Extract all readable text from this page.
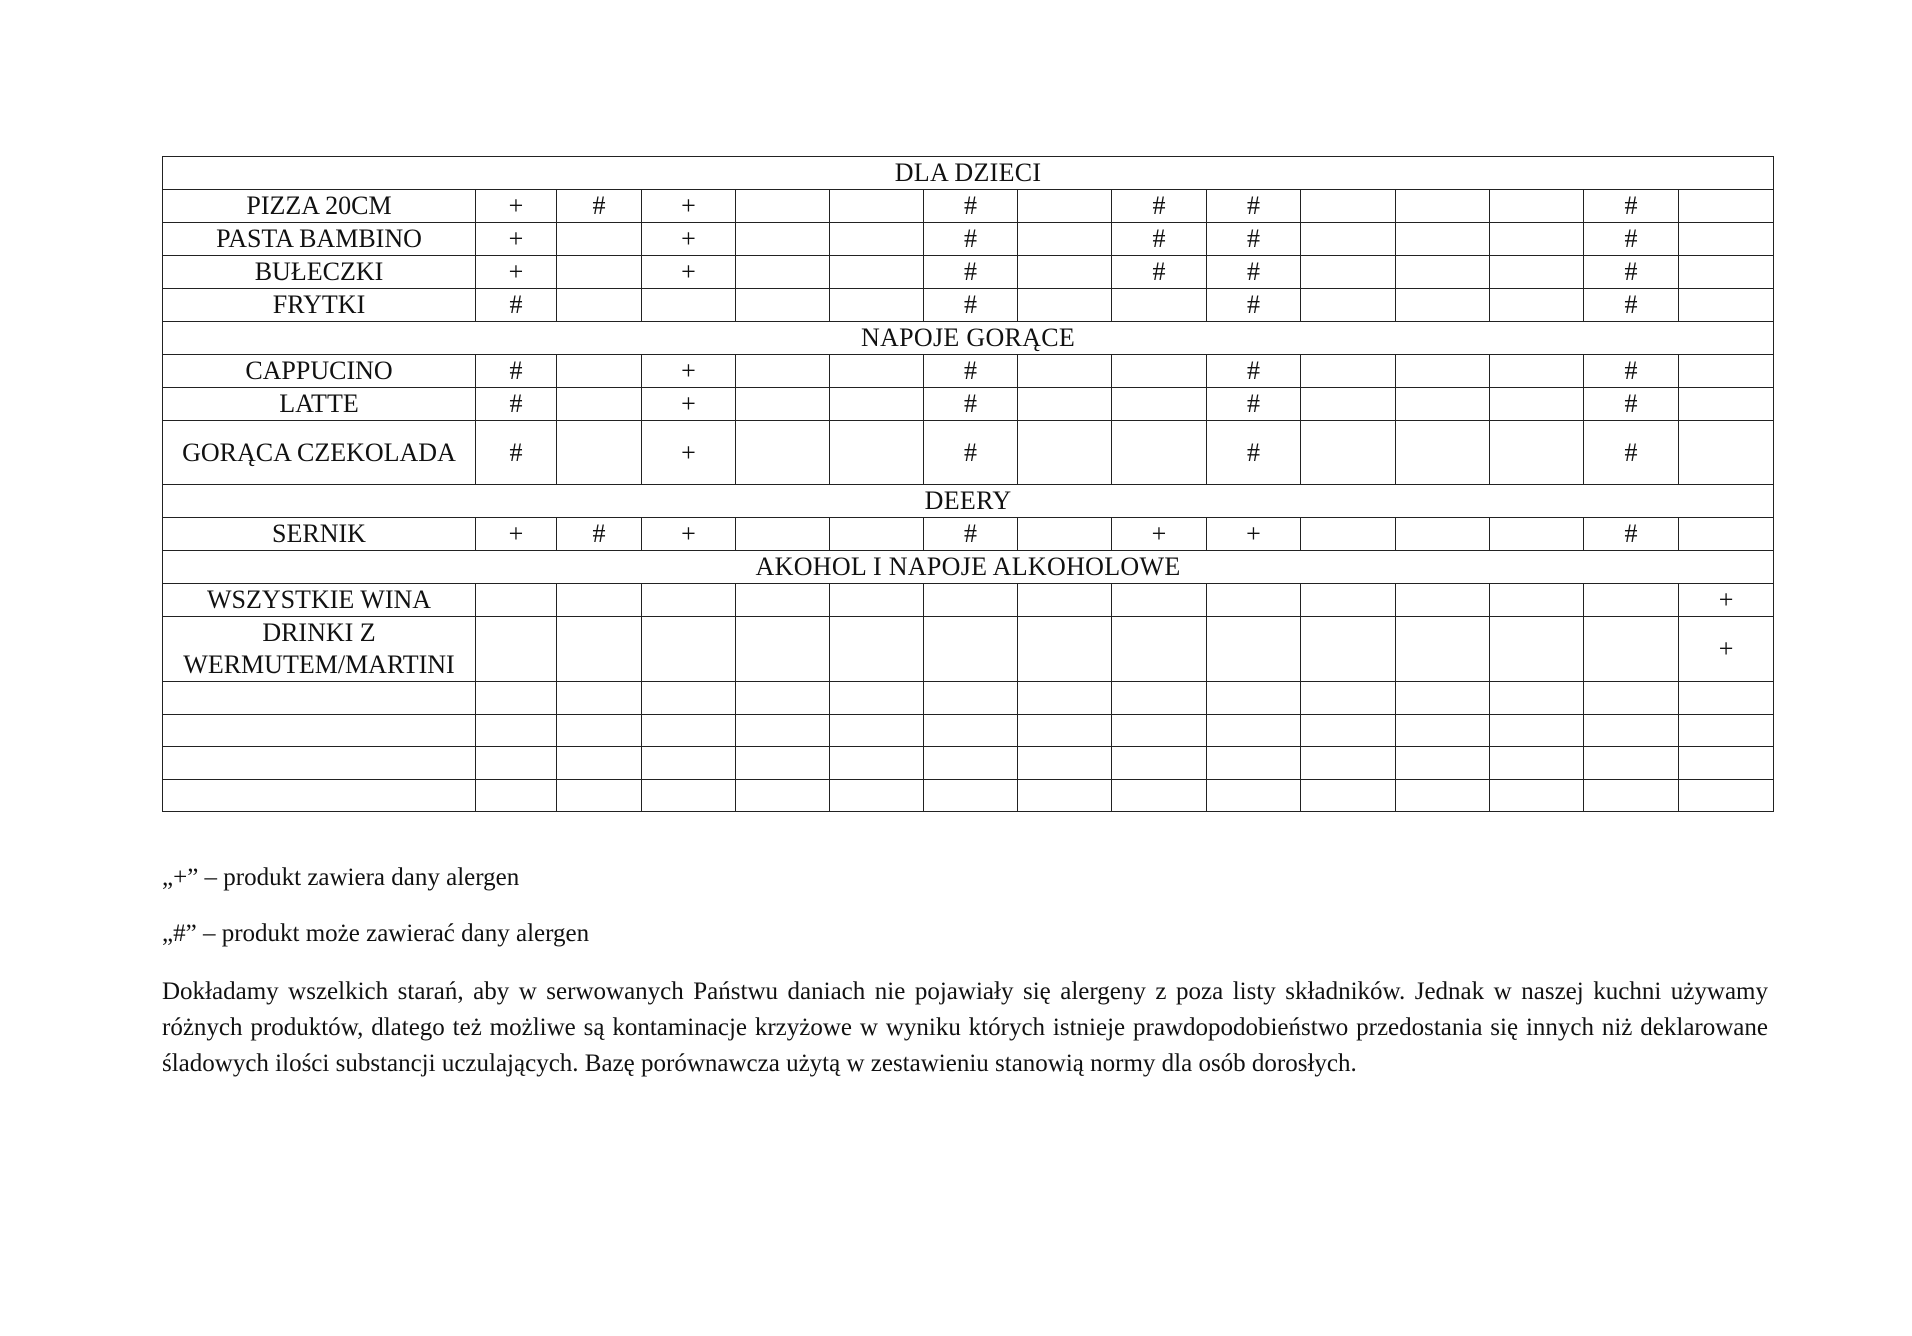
DLA DZIECI														
PIZZA 20CM	+	#	+			#		#	#				#	
PASTA BAMBINO	+		+			#		#	#				#	
BUŁECZKI	+		+			#		#	#				#	
FRYTKI	#					#			#				#	
NAPOJE GORĄCE														
CAPPUCINO	#		+			#			#				#	
LATTE	#		+			#			#				#	
GORĄCA CZEKOLADA	#		+			#			#				#	
DEERY														
SERNIK	+	#	+			#		+	+				#	
AKOHOL I NAPOJE ALKOHOLOWE														
WSZYSTKIE WINA														+
DRINKI Z WERMUTEM/MARTINI														+

„+” – produkt zawiera dany alergen

„#” – produkt może zawierać dany alergen

Dokładamy wszelkich starań, aby w serwowanych Państwu daniach nie pojawiały się alergeny z poza listy składników. Jednak w naszej kuchni używamy różnych produktów, dlatego też możliwe są kontaminacje krzyżowe w wyniku których istnieje prawdopodobieństwo przedostania się innych niż deklarowane śladowych ilości substancji uczulających. Bazę porównawcza użytą w zestawieniu stanowią normy dla osób dorosłych.
